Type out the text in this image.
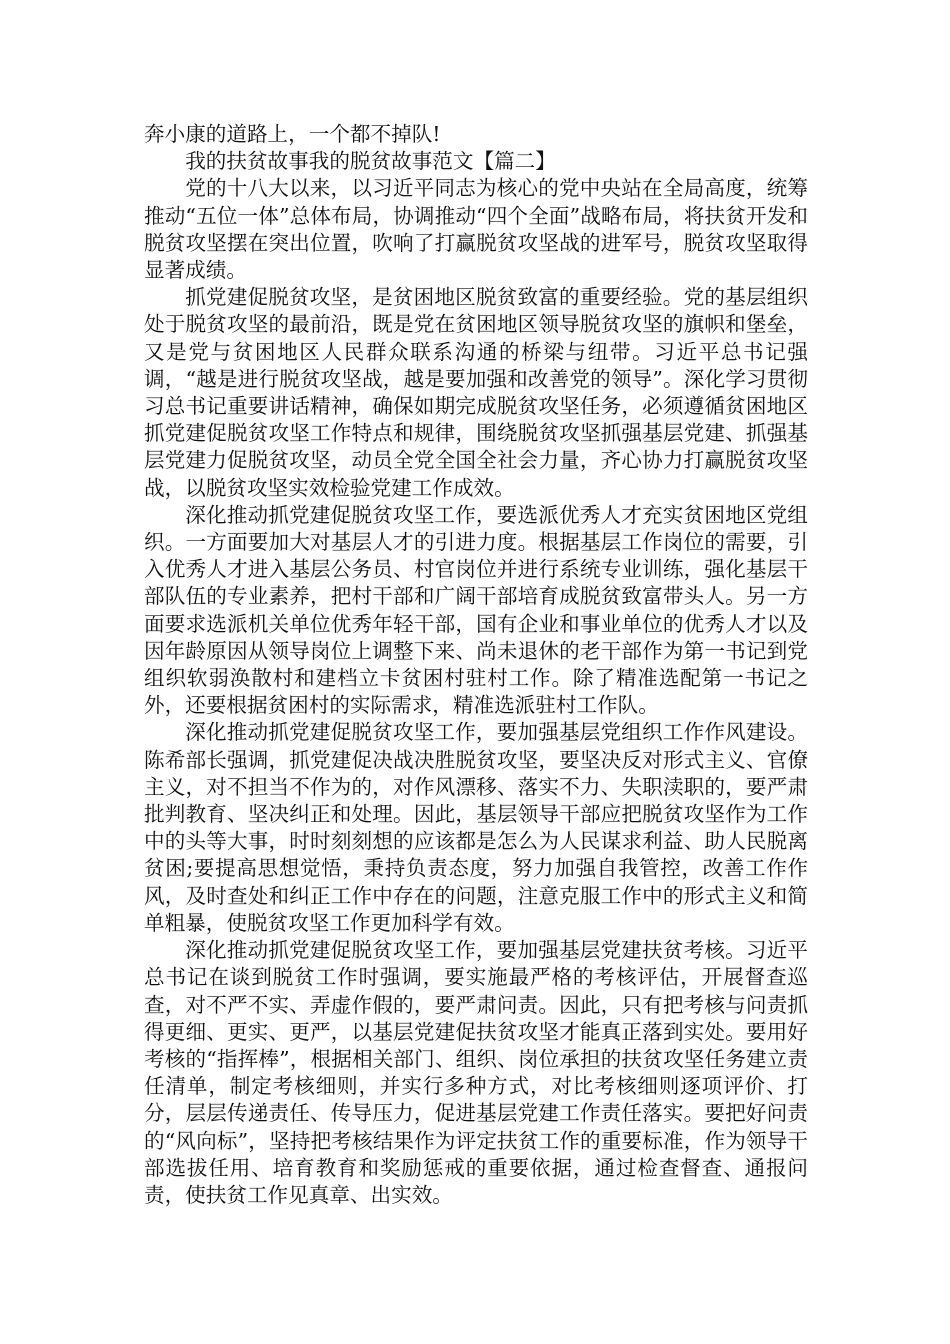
奔小康的道路上，一个都不掉队!

我的扶贫故事我的脱贫故事范文【篇二】

党的十八大以来，以习近平同志为核心的党中央站在全局高度，统筹推动“五位一体”总体布局，协调推动“四个全面”战略布局，将扶贫开发和脱贫攻坚摆在突出位置，吹响了打赢脱贫攻坚战的进军号，脱贫攻坚取得显著成绩。

抓党建促脱贫攻坚，是贫困地区脱贫致富的重要经验。党的基层组织处于脱贫攻坚的最前沿，既是党在贫困地区领导脱贫攻坚的旗帜和堡垒，又是党与贫困地区人民群众联系沟通的桥梁与纽带。习近平总书记强调，“越是进行脱贫攻坚战，越是要加强和改善党的领导”。深化学习贯彻习总书记重要讲话精神，确保如期完成脱贫攻坚任务，必须遵循贫困地区抓党建促脱贫攻坚工作特点和规律，围绕脱贫攻坚抓强基层党建、抓强基层党建力促脱贫攻坚，动员全党全国全社会力量，齐心协力打赢脱贫攻坚战，以脱贫攻坚实效检验党建工作成效。

深化推动抓党建促脱贫攻坚工作，要选派优秀人才充实贫困地区党组织。一方面要加大对基层人才的引进力度。根据基层工作岗位的需要，引入优秀人才进入基层公务员、村官岗位并进行系统专业训练，强化基层干部队伍的专业素养，把村干部和广阔干部培育成脱贫致富带头人。另一方面要求选派机关单位优秀年轻干部，国有企业和事业单位的优秀人才以及因年龄原因从领导岗位上调整下来、尚未退休的老干部作为第一书记到党组织软弱涣散村和建档立卡贫困村驻村工作。除了精准选配第一书记之外，还要根据贫困村的实际需求，精准选派驻村工作队。

深化推动抓党建促脱贫攻坚工作，要加强基层党组织工作作风建设。陈希部长强调，抓党建促决战决胜脱贫攻坚，要坚决反对形式主义、官僚主义，对不担当不作为的，对作风漂移、落实不力、失职渎职的，要严肃批判教育、坚决纠正和处理。因此，基层领导干部应把脱贫攻坚作为工作中的头等大事，时时刻刻想的应该都是怎么为人民谋求利益、助人民脱离贫困;要提高思想觉悟，秉持负责态度，努力加强自我管控，改善工作作风，及时查处和纠正工作中存在的问题，注意克服工作中的形式主义和简单粗暴，使脱贫攻坚工作更加科学有效。

深化推动抓党建促脱贫攻坚工作，要加强基层党建扶贫考核。习近平总书记在谈到脱贫工作时强调，要实施最严格的考核评估，开展督查巡查，对不严不实、弄虚作假的，要严肃问责。因此，只有把考核与问责抓得更细、更实、更严，以基层党建促扶贫攻坚才能真正落到实处。要用好考核的“指挥棒”，根据相关部门、组织、岗位承担的扶贫攻坚任务建立责任清单，制定考核细则，并实行多种方式，对比考核细则逐项评价、打分，层层传递责任、传导压力，促进基层党建工作责任落实。要把好问责的“风向标”，坚持把考核结果作为评定扶贫工作的重要标准，作为领导干部选拔任用、培育教育和奖励惩戒的重要依据，通过检查督查、通报问责，使扶贫工作见真章、出实效。
